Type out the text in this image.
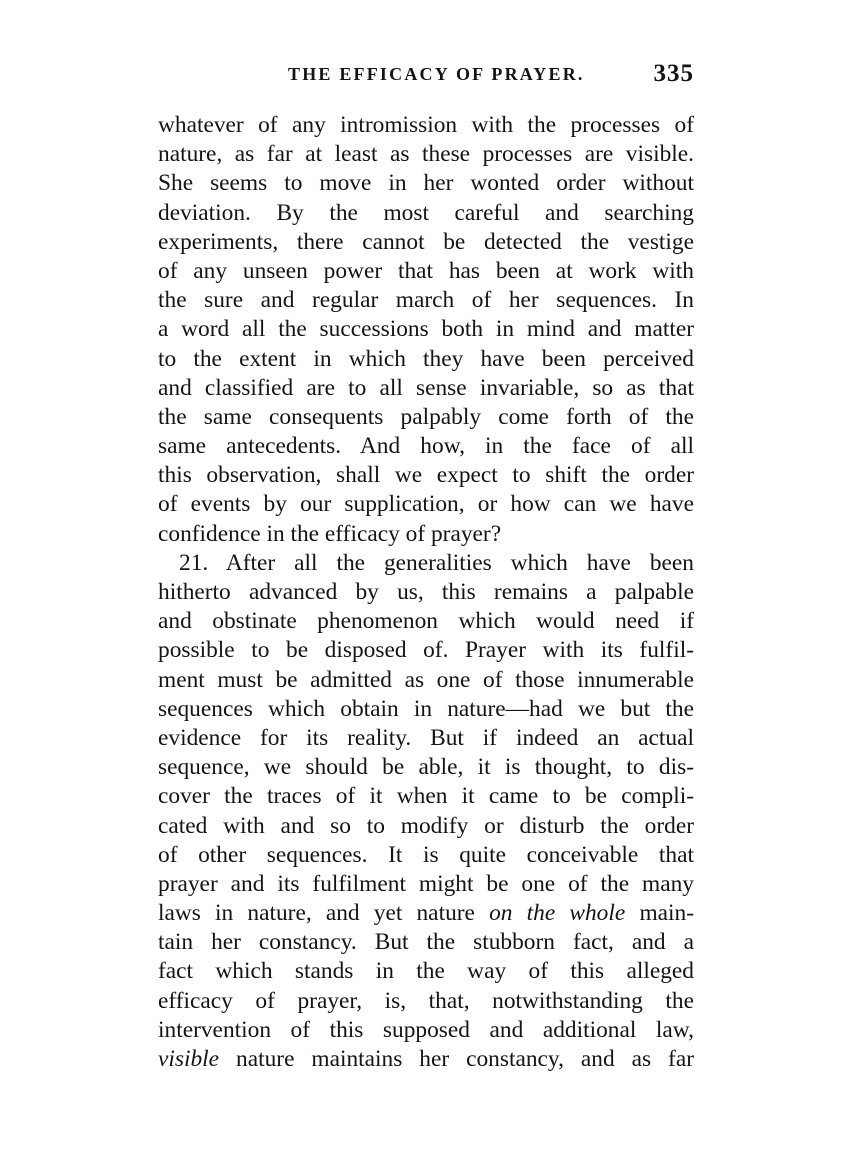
THE EFFICACY OF PRAYER.	335
whatever of any intromission with the processes of
nature, as far at least as these processes are visible.
She seems to move in her wonted order without
deviation. By the most careful and searching
experiments, there cannot be detected the vestige
of any unseen power that has been at work with
the sure and regular march of her sequences. In
a word all the successions both in mind and matter
to the extent in which they have been perceived
and classified are to all sense invariable, so as that
the same consequents palpably come forth of the
same antecedents. And how, in the face of all
this observation, shall we expect to shift the order
of events by our supplication, or how can we have
confidence in the efficacy of prayer?
21. After all the generalities which have been
hitherto advanced by us, this remains a palpable
and obstinate phenomenon which would need if
possible to be disposed of. Prayer with its fulfil-
ment must be admitted as one of those innumerable
sequences which obtain in nature—had we but the
evidence for its reality. But if indeed an actual
sequence, we should be able, it is thought, to dis-
cover the traces of it when it came to be compli-
cated with and so to modify or disturb the order
of other sequences. It is quite conceivable that
prayer and its fulfilment might be one of the many
laws in nature, and yet nature on the whole main-
tain her constancy. But the stubborn fact, and a
fact which stands in the way of this alleged
efficacy of prayer, is, that, notwithstanding the
intervention of this supposed and additional law,
visible nature maintains her constancy, and as far
